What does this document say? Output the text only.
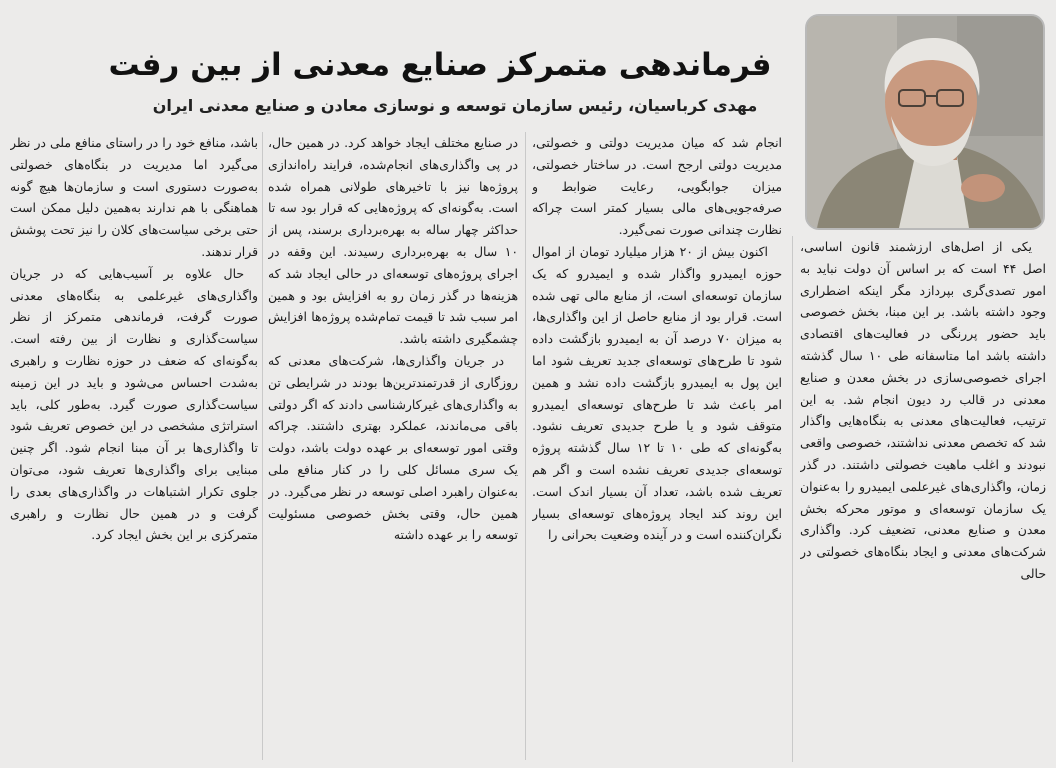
فرماندهی متمرکز صنایع معدنی از بین رفت
مهدی کرباسیان، رئیس سازمان توسعه و نوسازی معادن و صنایع معدنی ایران

یکی از اصل‌های ارزشمند قانون اساسی، اصل ۴۴ است که بر اساس آن دولت نباید به امور تصدی‌گری بپردازد مگر اینکه اضطراری وجود داشته باشد. بر این مبنا، بخش خصوصی باید حضور پررنگی در فعالیت‌های اقتصادی داشته باشد اما متاسفانه طی ۱۰ سال گذشته اجرای خصوصی‌سازی در بخش معدن و صنایع معدنی در قالب رد دیون انجام شد. به این ترتیب، فعالیت‌های معدنی به بنگاه‌هایی واگذار شد که تخصص معدنی نداشتند، خصوصی واقعی نبودند و اغلب ماهیت خصولتی داشتند. در گذر زمان، واگذاری‌های غیرعلمی ایمیدرو را به‌عنوان یک سازمان توسعه‌ای و موتور محرکه بخش معدن و صنایع معدنی، تضعیف کرد. واگذاری شرکت‌های معدنی و ایجاد بنگاه‌های خصولتی در حالی

انجام شد که میان مدیریت دولتی و خصولتی، مدیریت دولتی ارجح است. در ساختار خصولتی، میزان جوابگویی، رعایت ضوابط و صرفه‌جویی‌های مالی بسیار کمتر است چراکه نظارت چندانی صورت نمی‌گیرد.

اکنون بیش از ۲۰ هزار میلیارد تومان از اموال حوزه ایمیدرو واگذار شده و ایمیدرو که یک سازمان توسعه‌ای است، از منابع مالی تهی شده است. قرار بود از منابع حاصل از این واگذاری‌ها، به میزان ۷۰ درصد آن به ایمیدرو بازگشت داده شود تا طرح‌های توسعه‌ای جدید تعریف شود اما این پول به ایمیدرو بازگشت داده نشد و همین امر باعث شد تا طرح‌های توسعه‌ای ایمیدرو متوقف شود و یا طرح جدیدی تعریف نشود. به‌گونه‌ای که طی ۱۰ تا ۱۲ سال گذشته پروژه توسعه‌ای جدیدی تعریف نشده است و اگر هم تعریف شده باشد، تعداد آن بسیار اندک است. این روند کند ایجاد پروژه‌های توسعه‌ای بسیار نگران‌کننده است و در آینده وضعیت بحرانی را

در صنایع مختلف ایجاد خواهد کرد. در همین حال، در پی واگذاری‌های انجام‌شده، فرایند راه‌اندازی پروژه‌ها نیز با تاخیرهای طولانی همراه شده است. به‌گونه‌ای که پروژه‌هایی که قرار بود سه تا حداکثر چهار ساله به بهره‌برداری برسند، پس از ۱۰ سال به بهره‌برداری رسیدند. این وقفه در اجرای پروژه‌های توسعه‌ای در حالی ایجاد شد که هزینه‌ها در گذر زمان رو به افزایش بود و همین امر سبب شد تا قیمت تمام‌شده پروژه‌ها افزایش چشمگیری داشته باشد.

در جریان واگذاری‌ها، شرکت‌های معدنی که روزگاری از قدرتمندترین‌ها بودند در شرایطی تن به واگذاری‌های غیرکارشناسی دادند که اگر دولتی باقی می‌ماندند، عملکرد بهتری داشتند. چراکه وقتی امور توسعه‌ای بر عهده دولت باشد، دولت یک سری مسائل کلی را در کنار منافع ملی به‌عنوان راهبرد اصلی توسعه در نظر می‌گیرد. در همین حال، وقتی بخش خصوصی مسئولیت توسعه را بر عهده داشته

باشد، منافع خود را در راستای منافع ملی در نظر می‌گیرد اما مدیریت در بنگاه‌های خصولتی به‌صورت دستوری است و سازمان‌ها هیچ گونه هماهنگی با هم ندارند به‌همین دلیل ممکن است حتی برخی سیاست‌های کلان را نیز تحت پوشش قرار ندهند.

حال علاوه بر آسیب‌هایی که در جریان واگذاری‌های غیرعلمی به بنگاه‌های معدنی صورت گرفت، فرماندهی متمرکز از نظر سیاست‌گذاری و نظارت از بین رفته است. به‌گونه‌ای که ضعف در حوزه نظارت و راهبری به‌شدت احساس می‌شود و باید در این زمینه سیاست‌گذاری صورت گیرد. به‌طور کلی، باید استراتژی مشخصی در این خصوص تعریف شود تا واگذاری‌ها بر آن مبنا انجام شود. اگر چنین مبنایی برای واگذاری‌ها تعریف شود، می‌توان جلوی تکرار اشتباهات در واگذاری‌های بعدی را گرفت و در همین حال نظارت و راهبری متمرکزی بر این بخش ایجاد کرد.
